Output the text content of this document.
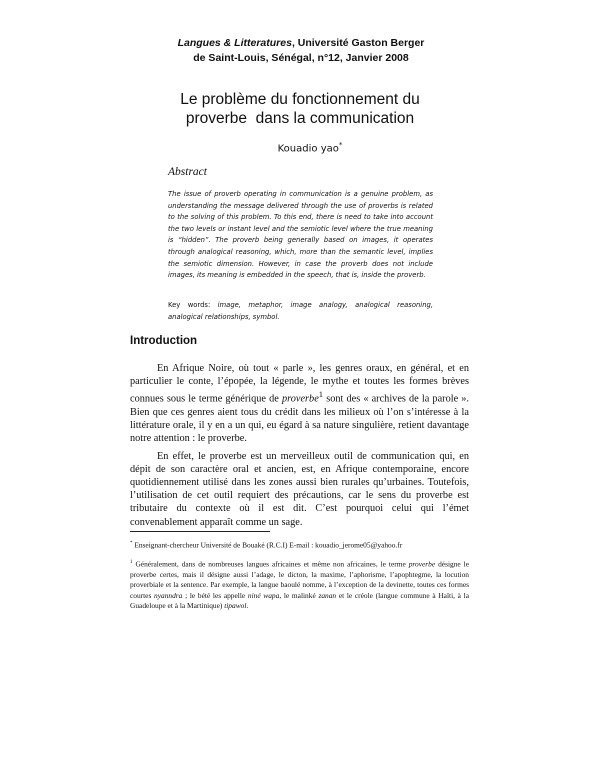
Langues & Litteratures, Université Gaston Berger
de Saint-Louis, Sénégal, n°12, Janvier 2008
Le problème du fonctionnement du
proverbe  dans la communication
Kouadio yao*
Abstract
The issue of proverb operating in communication is a genuine problem, as understanding the message delivered through the use of proverbs is related to the solving of this problem. To this end, there is need to take into account the two levels or instant level and the semiotic level where the true meaning is “hidden”. The proverb being generally based on images, it operates through analogical reasoning, which, more than the semantic level, implies the semiotic dimension. However, in case the proverb does not include images, its meaning is embedded in the speech, that is, inside the proverb.
Key words: image, metaphor, image analogy, analogical reasoning, analogical relationships, symbol.
Introduction

En Afrique Noire, où tout « parle », les genres oraux, en général, et en particulier le conte, l’épopée, la légende, le mythe et toutes les formes brèves connues sous le terme générique de proverbe$^1$ sont des « archives de la parole ». Bien que ces genres aient tous du crédit dans les milieux où l’on s’intéresse à la littérature orale, il y en a un qui, eu égard à sa nature singulière, retient davantage notre attention : le proverbe.

En effet, le proverbe est un merveilleux outil de communication qui, en dépit de son caractère oral et ancien, est, en Afrique contemporaine, encore quotidiennement utilisé dans les zones aussi bien rurales qu’urbaines. Toutefois, l’utilisation de cet outil requiert des précautions, car le sens du proverbe est tributaire du contexte où il est dit. C’est pourquoi celui qui l’émet convenablement apparaît comme un sage.

* Enseignant-chercheur Université de Bouaké (R.C.I) E-mail : kouadio_jerome05@yahoo.fr

$^1$ Généralement, dans de nombreuses langues africaines et même non africaines, le terme proverbe désigne le proverbe certes, mais il désigne aussi l’adage, le dicton, la maxime, l’aphorisme, l’apophtegme, la locution proverbiale et la sentence. Par exemple, la langue baoulé nomme, à l’exception de la devinette, toutes ces formes courtes nyanndra ; le bété les appelle niné wapa, le malinké zanan et le créole (langue commune à Haïti, à la Guadeloupe et à la Martinique) tipawol.
